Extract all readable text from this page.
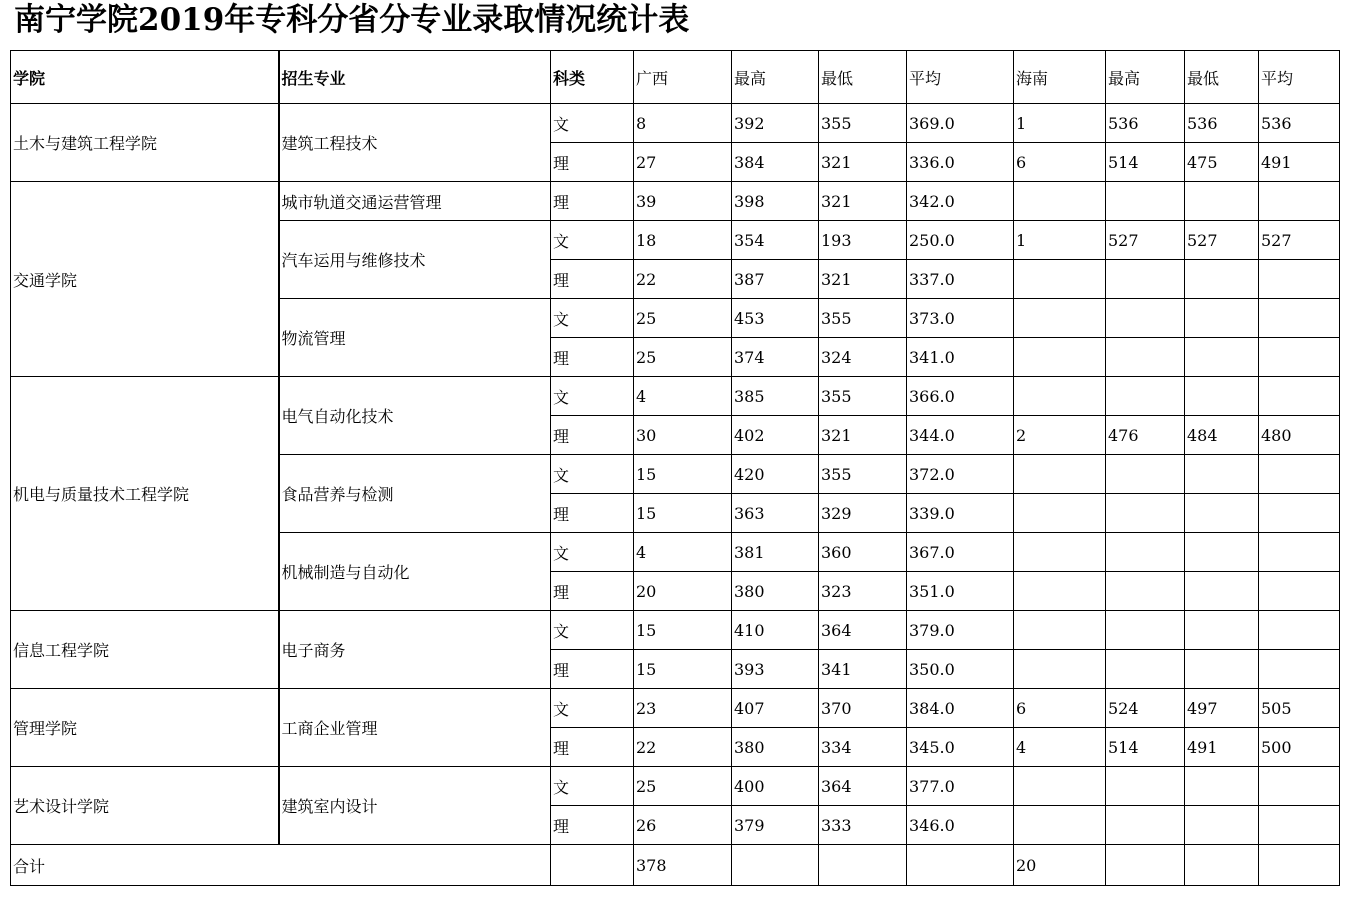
南宁学院2019年专科分省分专业录取情况统计表
学院	招生专业	科类	广西	最高	最低	平均	海南	最高	最低	平均
土木与建筑工程学院	建筑工程技术	文	8	392	355	369.0	1	536	536	536
		理	27	384	321	336.0	6	514	475	491
交通学院	城市轨道交通运营管理	理	39	398	321	342.0				
	汽车运用与维修技术	文	18	354	193	250.0	1	527	527	527
		理	22	387	321	337.0				
	物流管理	文	25	453	355	373.0				
		理	25	374	324	341.0				
机电与质量技术工程学院	电气自动化技术	文	4	385	355	366.0				
		理	30	402	321	344.0	2	476	484	480
	食品营养与检测	文	15	420	355	372.0				
		理	15	363	329	339.0				
	机械制造与自动化	文	4	381	360	367.0				
		理	20	380	323	351.0				
信息工程学院	电子商务	文	15	410	364	379.0				
		理	15	393	341	350.0				
管理学院	工商企业管理	文	23	407	370	384.0	6	524	497	505
		理	22	380	334	345.0	4	514	491	500
艺术设计学院	建筑室内设计	文	25	400	364	377.0				
		理	26	379	333	346.0				
合计			378				20			
